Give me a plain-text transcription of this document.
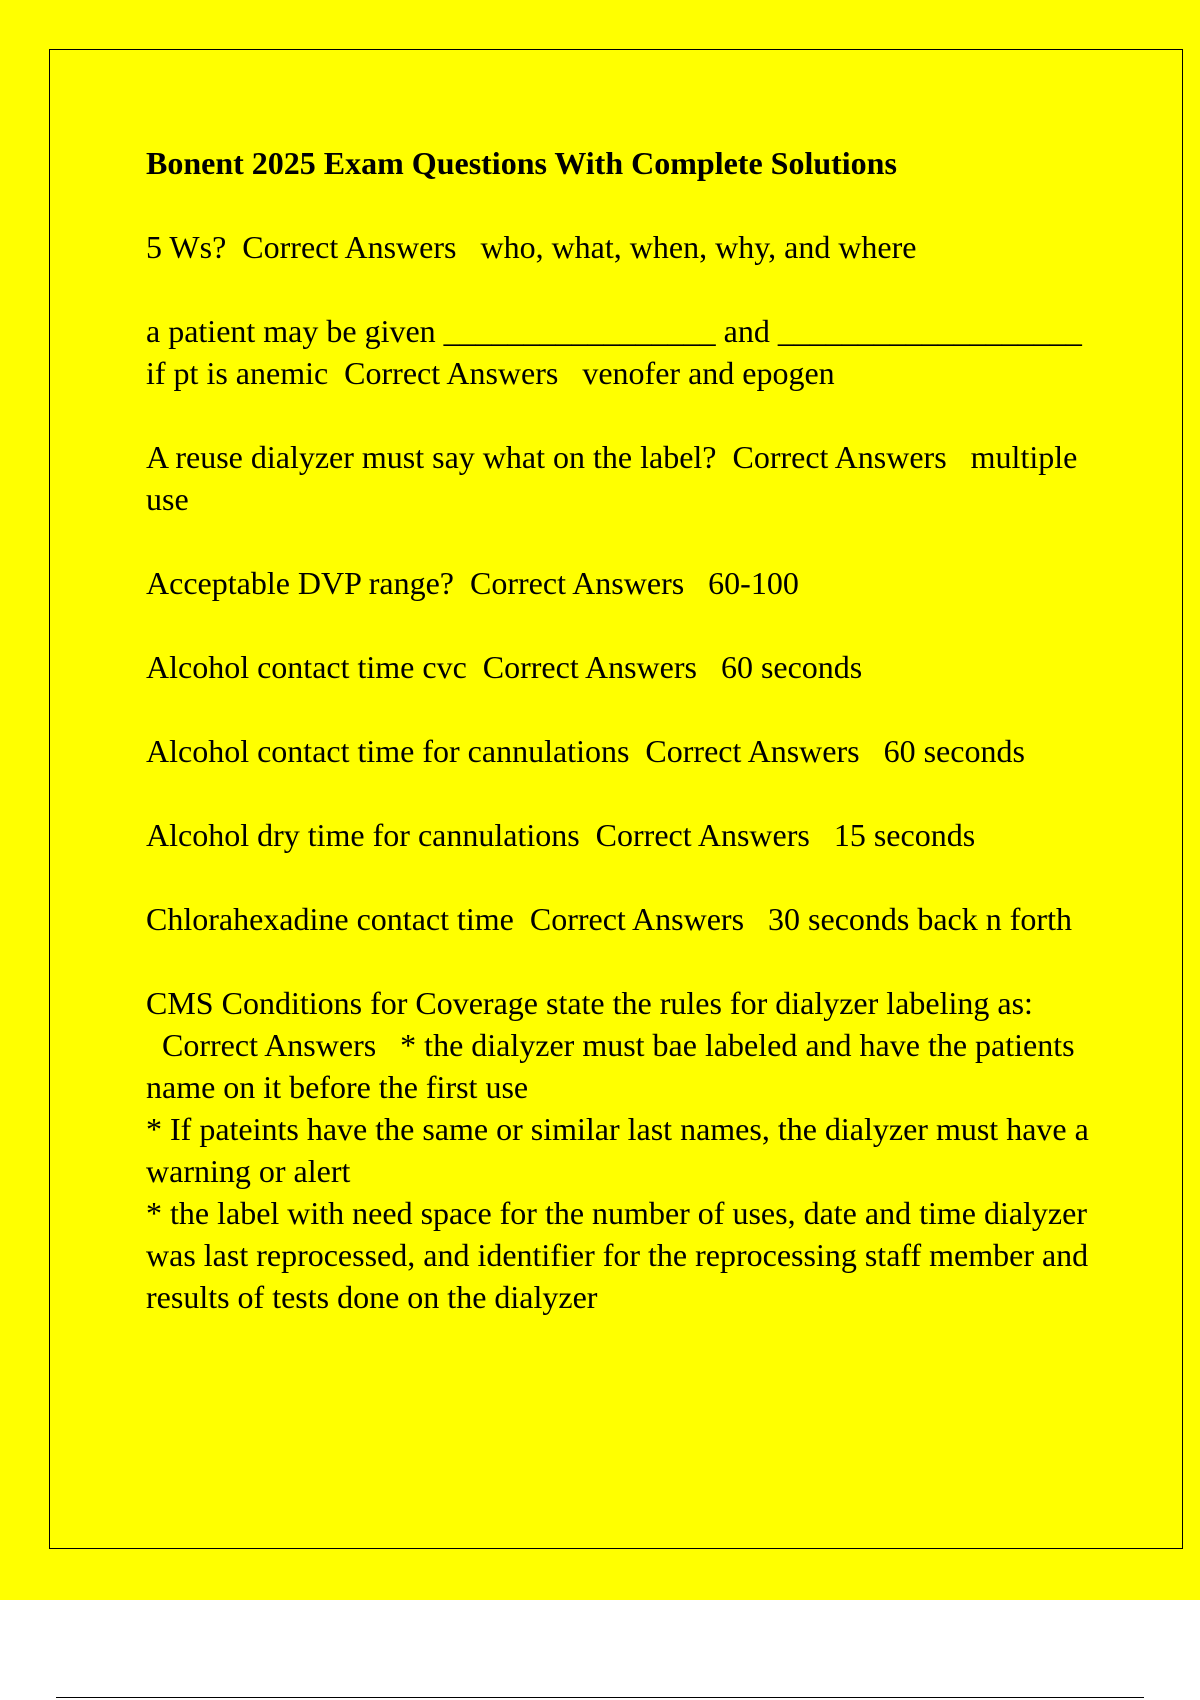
Bonent 2025 Exam Questions With Complete Solutions
5 Ws? Correct Answers who, what, when, why, and where
a patient may be given _________________ and ___________________ if pt is anemic Correct Answers venofer and epogen
A reuse dialyzer must say what on the label? Correct Answers multiple use
Acceptable DVP range? Correct Answers 60-100
Alcohol contact time cvc Correct Answers 60 seconds
Alcohol contact time for cannulations Correct Answers 60 seconds
Alcohol dry time for cannulations Correct Answers 15 seconds
Chlorahexadine contact time Correct Answers 30 seconds back n forth
CMS Conditions for Coverage state the rules for dialyzer labeling as:  Correct Answers * the dialyzer must bae labeled and have the patients name on it before the first use
* If pateints have the same or similar last names, the dialyzer must have a warning or alert
* the label with need space for the number of uses, date and time dialyzer was last reprocessed, and identifier for the reprocessing staff member and results of tests done on the dialyzer
